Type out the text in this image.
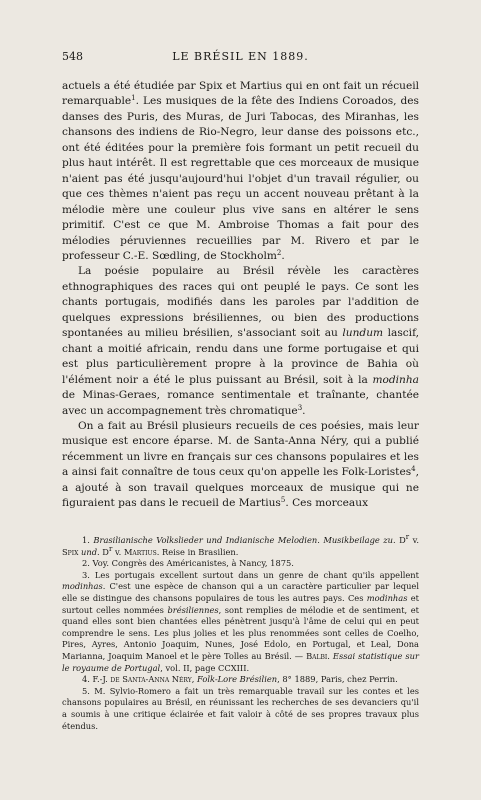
548	LE BRÉSIL EN 1889.

actuels a été étudiée par Spix et Martius qui en ont fait un récueil remarquable$^1$. Les musiques de la fête des Indiens Coroados, des danses des Puris, des Muras, de Juri Tabocas, des Miranhas, les chansons des indiens de Rio-Negro, leur danse des poissons etc., ont été éditées pour la première fois formant un petit recueil du plus haut intérêt. Il est regrettable que ces morceaux de musique n'aient pas été jusqu'aujourd'hui l'objet d'un travail régulier, ou que ces thèmes n'aient pas reçu un accent nouveau prêtant à la mélodie mère une couleur plus vive sans en altérer le sens primitif. C'est ce que M. Ambroise Thomas a fait pour des mélodies péruviennes recueillies par M. Rivero et par le professeur C.-E. Sœdling, de Stockholm$^2$.

La poésie populaire au Brésil révèle les caractères ethnographiques des races qui ont peuplé le pays. Ce sont les chants portugais, modifiés dans les paroles par l'addition de quelques expressions brésiliennes, ou bien des productions spontanées au milieu brésilien, s'associant soit au lundum lascif, chant a moitié africain, rendu dans une forme portugaise et qui est plus particulièrement propre à la province de Bahia où l'élément noir a été le plus puissant au Brésil, soit à la modinha de Minas-Geraes, romance sentimentale et traînante, chantée avec un accompagnement très chromatique$^3$.

On a fait au Brésil plusieurs recueils de ces poésies, mais leur musique est encore éparse. M. de Santa-Anna Néry, qui a publié récemment un livre en français sur ces chansons populaires et les a ainsi fait connaître de tous ceux qu'on appelle les Folk-Loristes$^4$, a ajouté à son travail quelques morceaux de musique qui ne figuraient pas dans le recueil de Martius$^5$. Ces morceaux

1. Brasilianische Volkslieder und Indianische Melodien. Musikbeilage zu. $D^r$ v. Spix und. $D^r$ v. Martius. Reise in Brasilien.

2. Voy. Congrès des Américanistes, à Nancy, 1875.

3. Les portugais excellent surtout dans un genre de chant qu'ils appellent modinhas. C'est une espèce de chanson qui a un caractère particulier par lequel elle se distingue des chansons populaires de tous les autres pays. Ces modinhas et surtout celles nommées brésiliennes, sont remplies de mélodie et de sentiment, et quand elles sont bien chantées elles pénètrent jusqu'à l'âme de celui qui en peut comprendre le sens. Les plus jolies et les plus renommées sont celles de Coelho, Pires, Ayres, Antonio Joaquim, Nunes, José Edolo, en Portugal, et Leal, Dona Marianna, Joaquim Manoel et le père Tolles au Brésil. — Balbi. Essai statistique sur le royaume de Portugal, vol. II, page CCXIII.

4. F.-J. de Santa-Anna Néry, Folk-Lore Brésilien, 8° 1889, Paris, chez Perrin.

5. M. Sylvio-Romero a fait un très remarquable travail sur les contes et les chansons populaires au Brésil, en réunissant les recherches de ses devanciers qu'il a soumis à une critique éclairée et fait valoir à côté de ses propres travaux plus étendus.
